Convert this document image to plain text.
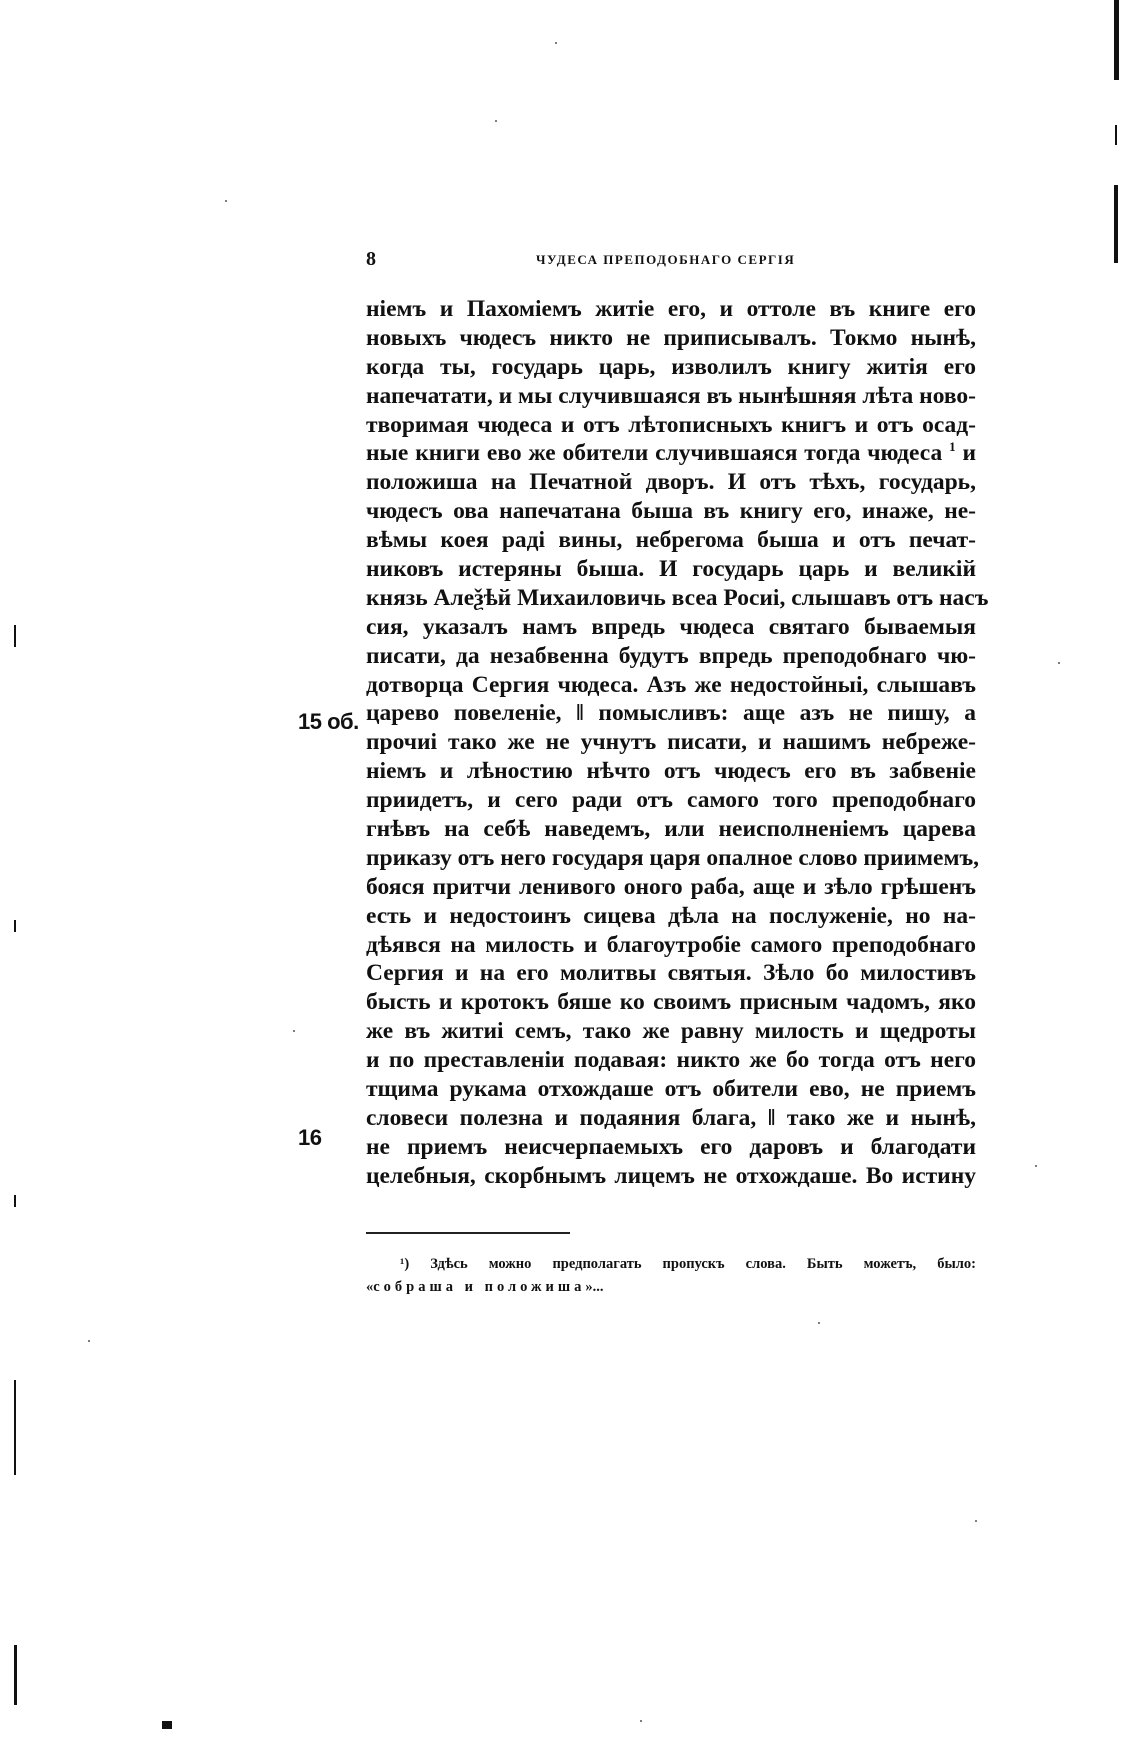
8	ЧУДЕСА ПРЕПОДОБНАГО СЕРГІЯ
15 об.
16
ніемъ и Пахоміемъ житіе его, и оттоле въ книге его
новыхъ чюдесъ никто не приписывалъ. Токмо нынѣ,
когда ты, государь царь, изволилъ книгу житія его
напечатати, и мы случившаяся въ нынѣшняя лѣта ново-
творимая чюдеса и отъ лѣтописныхъ книгъ и отъ осад-
ные книги ево же обители случившаяся тогда чюдеса $^1$ и
положиша на Печатной дворъ. И отъ тѣхъ, государь,
чюдесъ ова напечатана быша въ книгу его, инаже, не-
вѣмы коея раді вины, небрегома быша и отъ печат-
никовъ истеряны быша. И государь царь и великій
князь Алеѯѣй Михаиловичь всеа Росиі, слышавъ отъ насъ
сия, указалъ намъ впредь чюдеса святаго бываемыя
писати, да незабвенна будутъ впредь преподобнаго чю-
дотворца Сергия чюдеса. Азъ же недостойныі, слышавъ
царево повеленіе, ‖ помысливъ: аще азъ не пишу, а
прочиі тако же не учнутъ писати, и нашимъ небреже-
ніемъ и лѣностию нѣчто отъ чюдесъ его въ забвеніе
приидетъ, и сего ради отъ самого того преподобнаго
гнѣвъ на себѣ наведемъ, или неисполненіемъ царева
приказу отъ него государя царя опалное слово приимемъ,
бояся притчи ленивого оного раба, аще и зѣло грѣшенъ
есть и недостоинъ сицева дѣла на послуженіе, но на-
дѣявся на милость и благоутробіе самого преподобнаго
Сергия и на его молитвы святыя. Зѣло бо милостивъ
бысть и кротокъ бяше ко своимъ присным чадомъ, яко
же въ житиі семъ, тако же равну милость и щедроты
и по преставленіи подавая: никто же бо тогда отъ него
тщима рукама отхождаше отъ обители ево, не приемъ
словеси полезна и подаяния блага, ‖ тако же и нынѣ,
не приемъ неисчерпаемыхъ его даровъ и благодати
целебныя, скорбнымъ лицемъ не отхождаше. Во истину
¹) Здѣсь можно предполагать пропускъ слова. Быть можетъ, было:
«собраша и положиша»...
